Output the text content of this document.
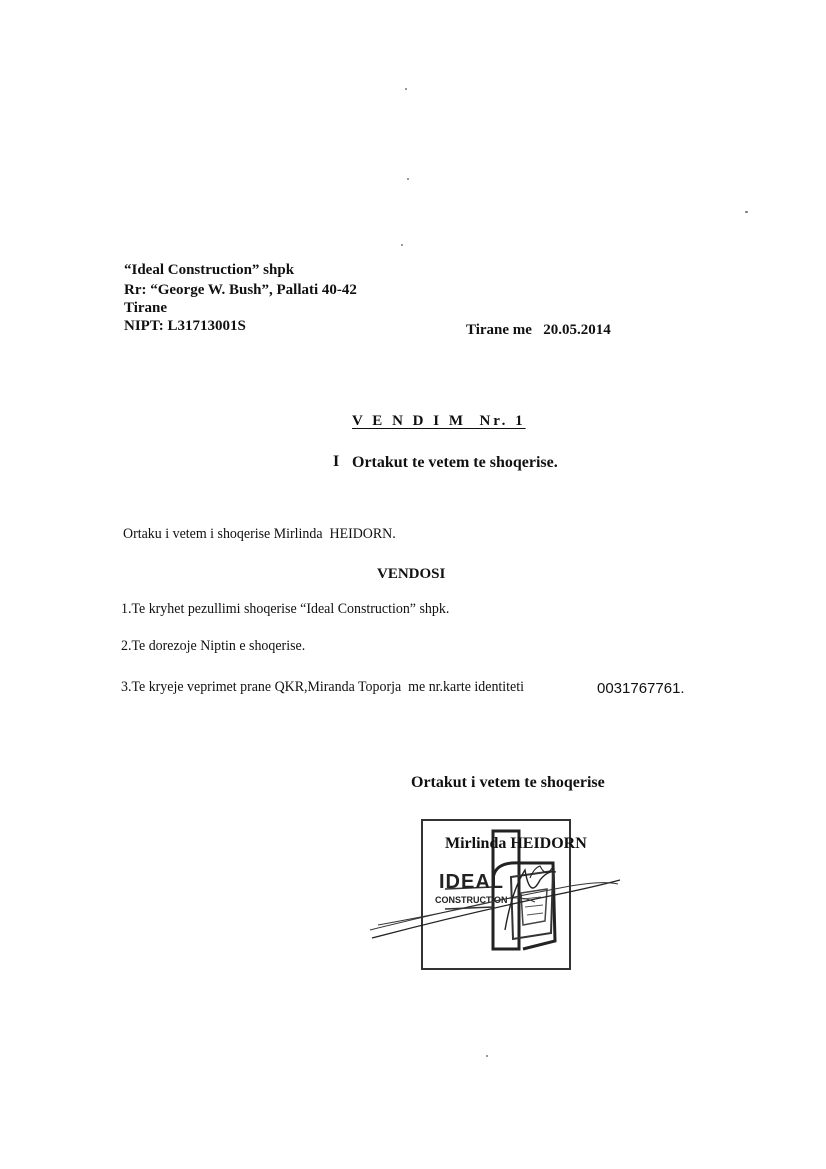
“Ideal Construction” shpk
Rr: “George W. Bush”, Pallati 40-42
Tirane
NIPT: L31713001S	Tirane me   20.05.2014
V E N D I M  Nr. 1
I Ortakut te vetem te shoqerise.
Ortaku i vetem i shoqerise Mirlinda  HEIDORN.
VENDOSI
1.Te kryhet pezullimi shoqerise “Ideal Construction” shpk.
2.Te dorezoje Niptin e shoqerise.
3.Te kryeje veprimet prane QKR,Miranda Toporja  me nr.karte identiteti	0031767761.
Ortakut i vetem te shoqerise
IDEAL
CONSTRUCTION
Mirlinda HEIDORN
